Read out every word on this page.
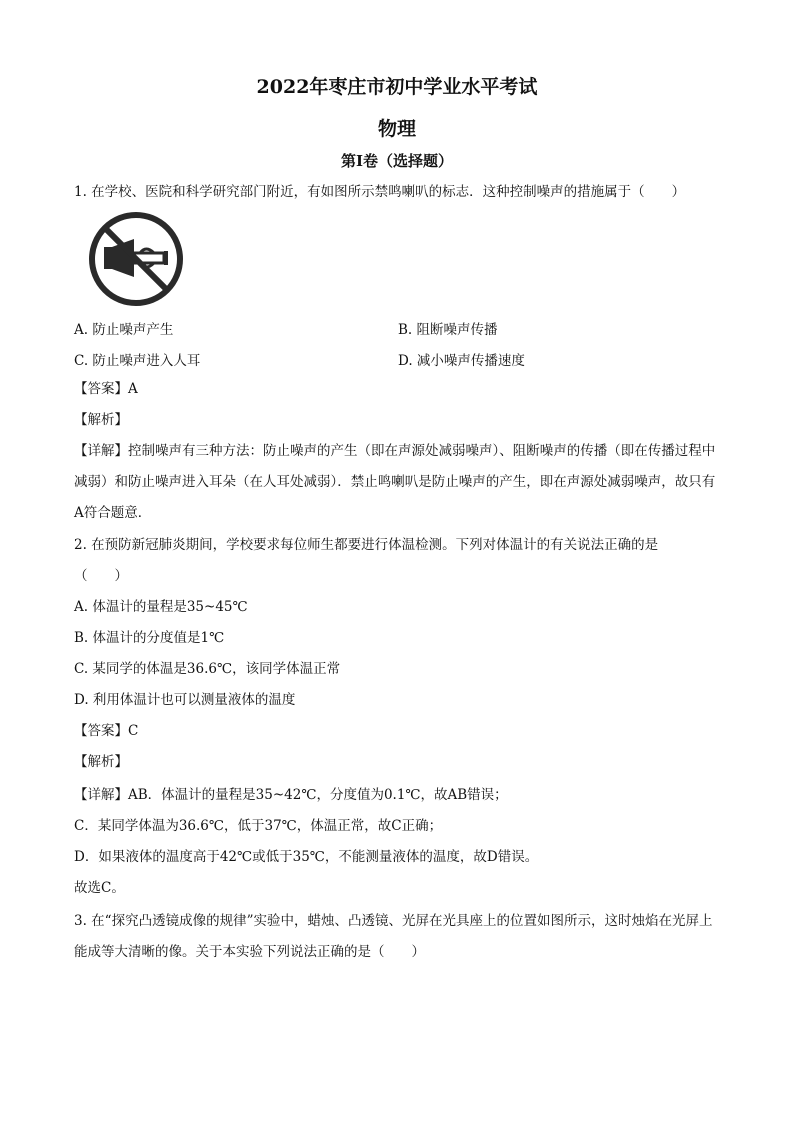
2022年枣庄市初中学业水平考试
物理
第I卷（选择题）
1. 在学校、医院和科学研究部门附近，有如图所示禁鸣喇叭的标志．这种控制噪声的措施属于（　　）
A. 防止噪声产生	B. 阻断噪声传播
C. 防止噪声进入人耳	D. 减小噪声传播速度
【答案】A
【解析】
【详解】控制噪声有三种方法：防止噪声的产生（即在声源处减弱噪声）、阻断噪声的传播（即在传播过程中减弱）和防止噪声进入耳朵（在人耳处减弱）．禁止鸣喇叭是防止噪声的产生，即在声源处减弱噪声，故只有A符合题意．
2. 在预防新冠肺炎期间，学校要求每位师生都要进行体温检测。下列对体温计的有关说法正确的是
（　　）
A. 体温计的量程是35~45℃
B. 体温计的分度值是1℃
C. 某同学的体温是36.6℃，该同学体温正常
D. 利用体温计也可以测量液体的温度
【答案】C
【解析】
【详解】AB．体温计的量程是35~42℃，分度值为0.1℃，故AB错误；
C．某同学体温为36.6℃，低于37℃，体温正常，故C正确；
D．如果液体的温度高于42℃或低于35℃，不能测量液体的温度，故D错误。
故选C。
3. 在“探究凸透镜成像的规律”实验中，蜡烛、凸透镜、光屏在光具座上的位置如图所示，这时烛焰在光屏上能成等大清晰的像。关于本实验下列说法正确的是（　　）
